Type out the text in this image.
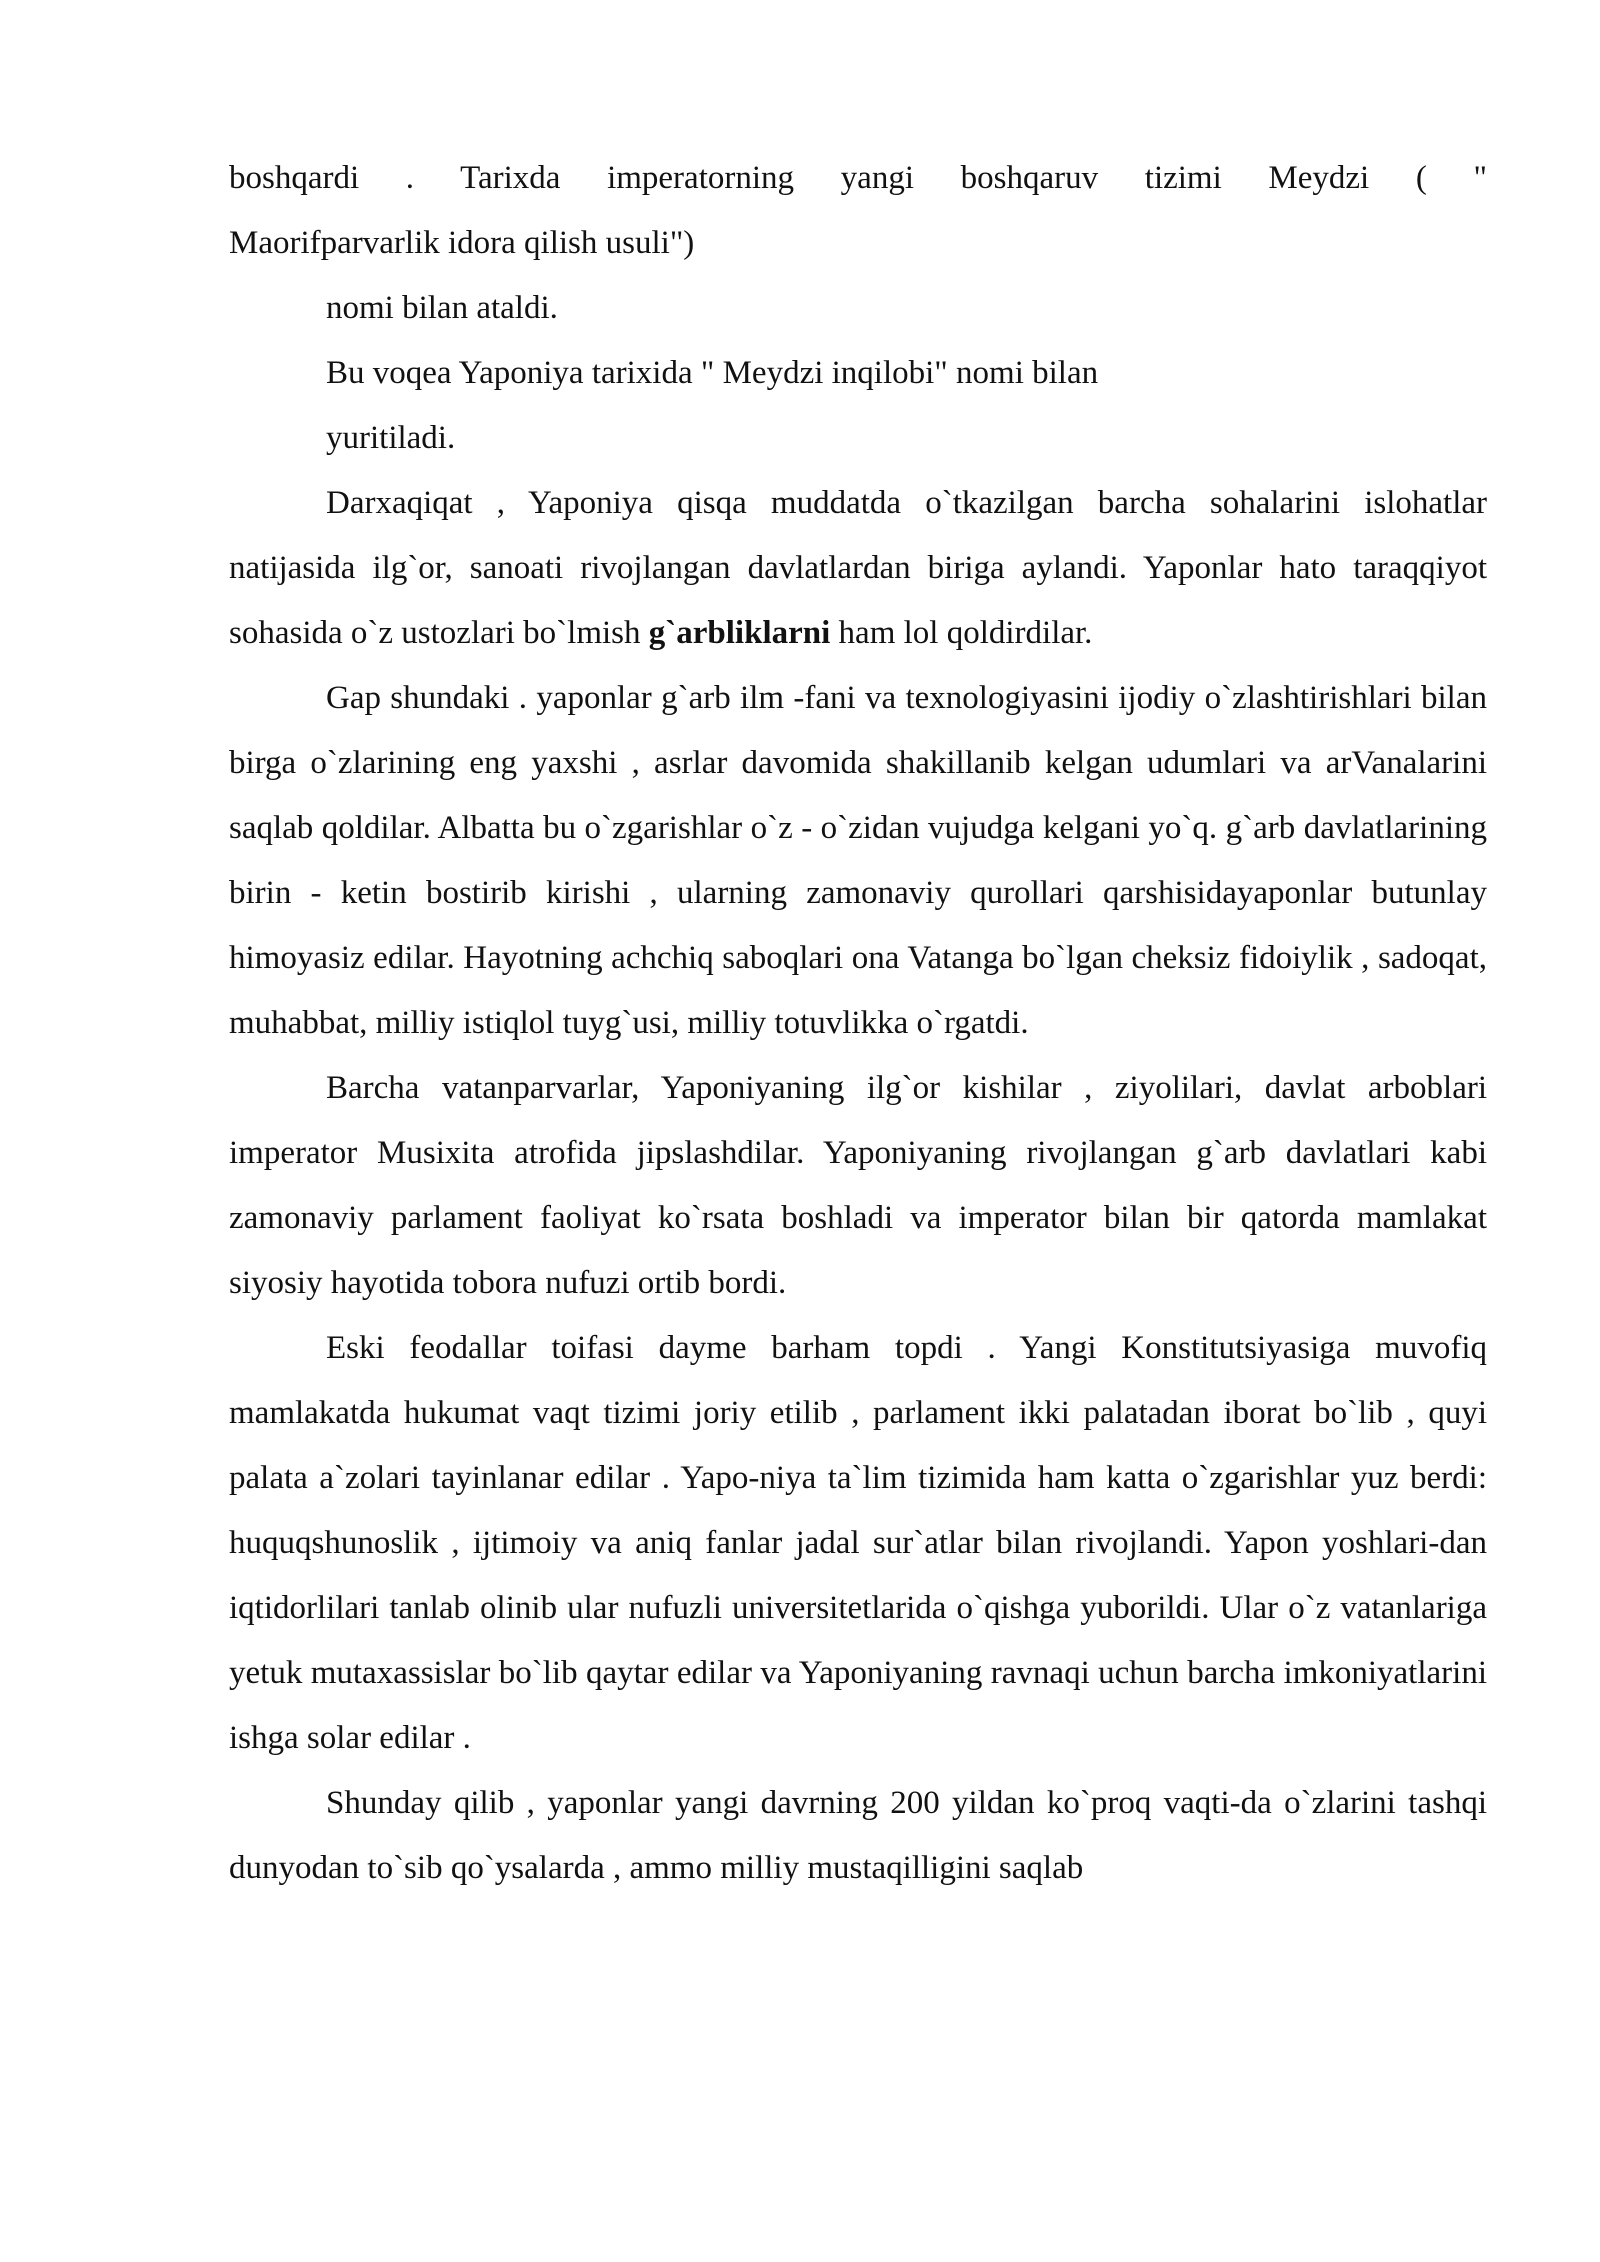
boshqardi . Tarixda imperatorning yangi boshqaruv tizimi Meydzi ( "
Maorifparvarlik idora qilish usuli")

nomi bilan ataldi.

Bu voqea Yaponiya tarixida " Meydzi inqilobi" nomi bilan

yuritiladi.

Darxaqiqat , Yaponiya qisqa muddatda o`tkazilgan barcha sohalarini islohatlar natijasida ilg`or, sanoati rivojlangan davlatlardan biriga aylandi. Yaponlar hato taraqqiyot sohasida o`z ustozlari bo`lmish g`arbliklarni ham lol qoldirdilar.

Gap shundaki . yaponlar g`arb ilm -fani va texnologiyasini ijodiy o`zlashtirishlari bilan birga o`zlarining eng yaxshi , asrlar davomida shakillanib kelgan udumlari va arVanalarini saqlab qoldilar. Albatta bu o`zgarishlar o`z - o`zidan vujudga kelgani yo`q. g`arb davlatlarining birin - ketin bostirib kirishi , ularning zamonaviy qurollari qarshisidayaponlar butunlay himoyasiz edilar. Hayotning achchiq saboqlari ona Vatanga bo`lgan cheksiz fidoiylik , sadoqat, muhabbat, milliy istiqlol tuyg`usi, milliy totuvlikka o`rgatdi.

Barcha vatanparvarlar, Yaponiyaning ilg`or kishilar , ziyolilari, davlat arboblari imperator Musixita atrofida jipslashdilar. Yaponiyaning rivojlangan g`arb davlatlari kabi zamonaviy parlament faoliyat ko`rsata boshladi va imperator bilan bir qatorda mamlakat siyosiy hayotida tobora nufuzi ortib bordi.

Eski feodallar toifasi dayme barham topdi . Yangi Konstitutsiyasiga muvofiq mamlakatda hukumat vaqt tizimi joriy etilib , parlament ikki palatadan iborat bo`lib , quyi palata a`zolari tayinlanar edilar . Yapo-niya ta`lim tizimida ham katta o`zgarishlar yuz berdi: huquqshunoslik , ijtimoiy va aniq fanlar jadal sur`atlar bilan rivojlandi. Yapon yoshlari-dan iqtidorlilari tanlab olinib ular nufuzli universitetlarida o`qishga yuborildi. Ular o`z vatanlariga yetuk mutaxassislar bo`lib qaytar edilar va Yaponiyaning ravnaqi uchun barcha imkoniyatlarini ishga solar edilar .

Shunday qilib , yaponlar yangi davrning 200 yildan ko`proq vaqti-da o`zlarini tashqi dunyodan to`sib qo`ysalarda , ammo milliy mustaqilligini saqlab
